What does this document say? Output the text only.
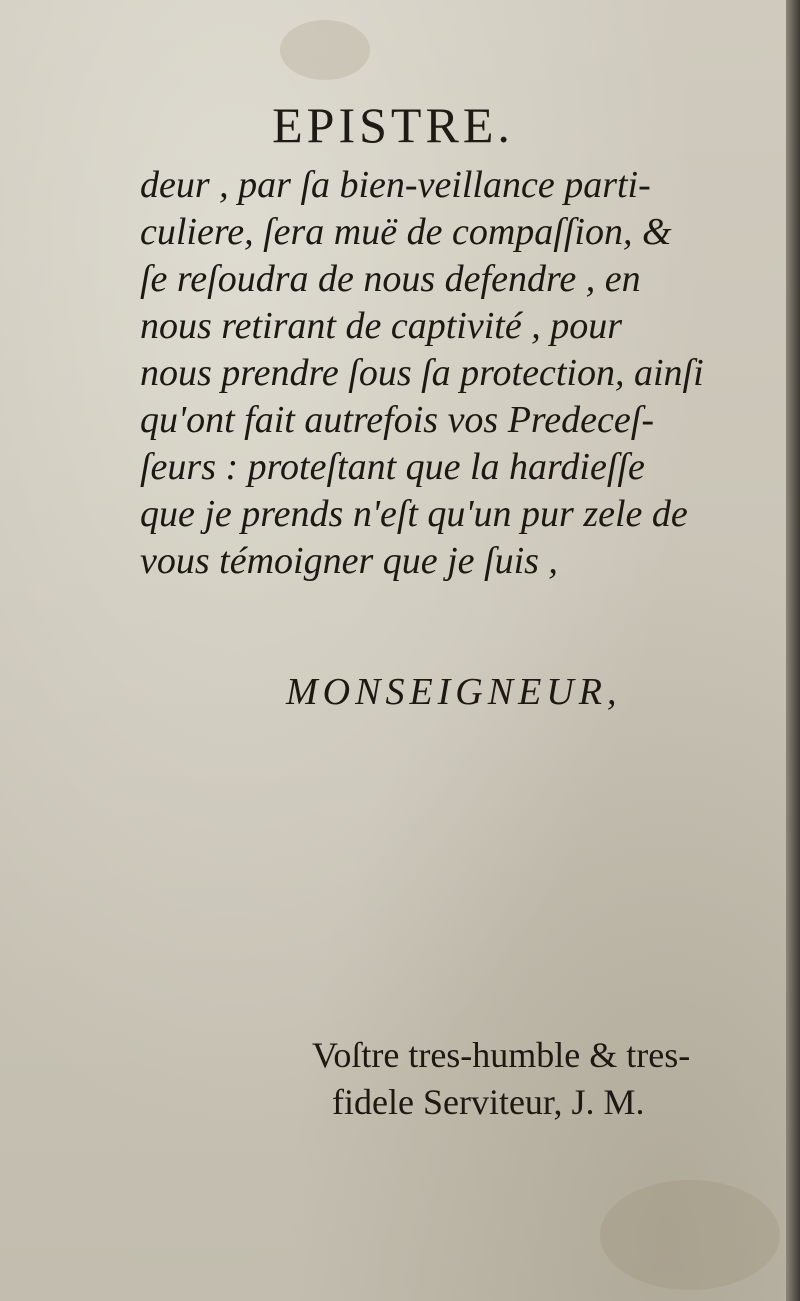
EPISTRE.
deur , par ſa bien-veillance parti-
culiere, ſera muë de compaſſion, &
ſe reſoudra de nous defendre , en
nous retirant de captivité , pour
nous prendre ſous ſa protection, ainſi
qu'ont fait autrefois vos Predeceſ-
ſeurs : proteſtant que la hardieſſe
que je prends n'eſt qu'un pur zele de
vous témoigner que je ſuis ,
MONSEIGNEUR,
Voſtre tres-humble & tres-
fidele Serviteur, J. M.
